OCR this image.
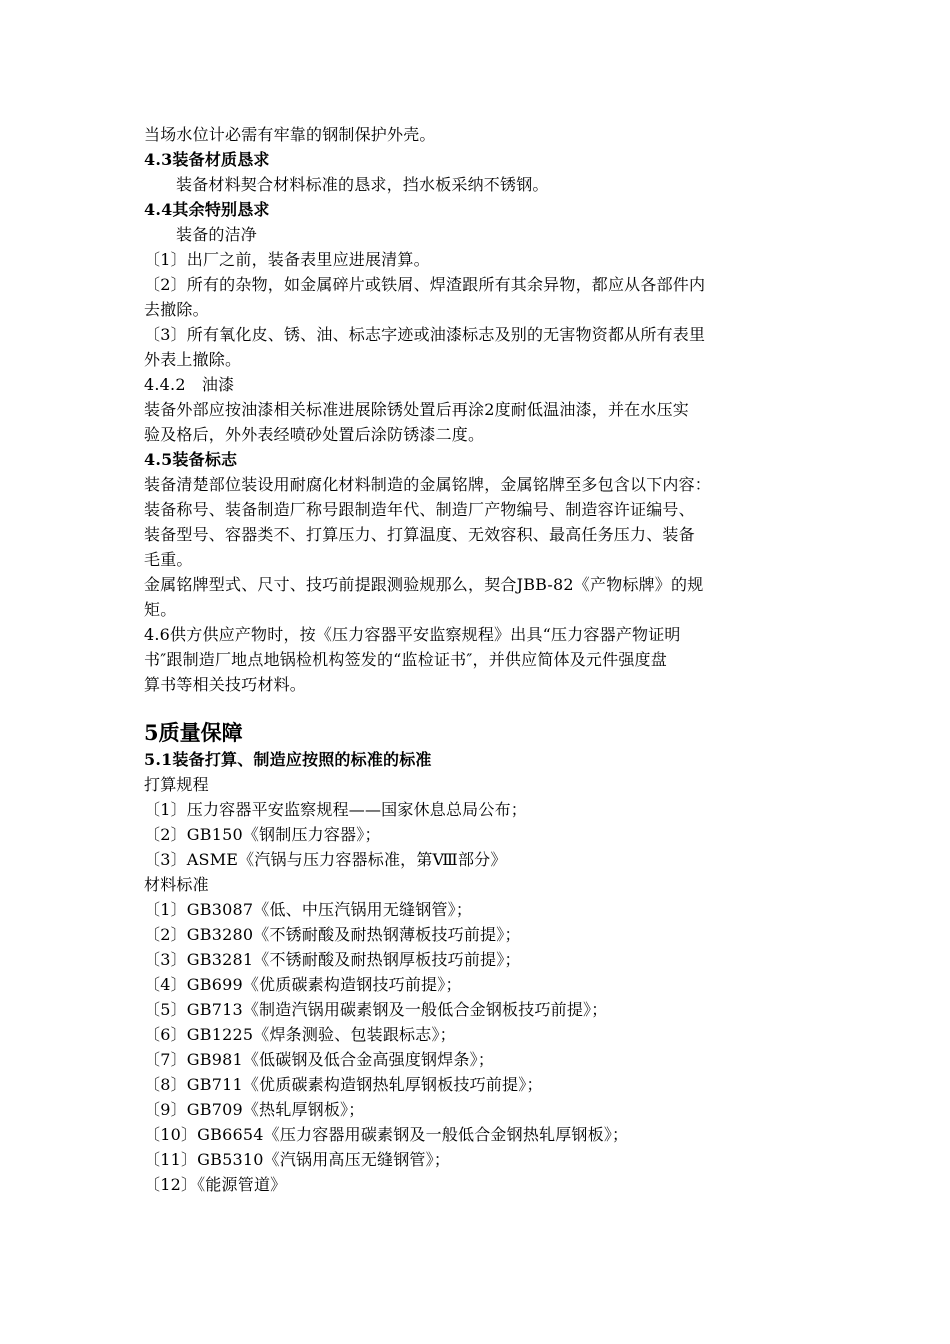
当场水位计必需有牢靠的钢制保护外壳。
4.3装备材质恳求
装备材料契合材料标准的恳求，挡水板采纳不锈钢。
4.4其余特别恳求
装备的洁净
〔1〕出厂之前，装备表里应进展清算。
〔2〕所有的杂物，如金属碎片或铁屑、焊渣跟所有其余异物，都应从各部件内
去撤除。
〔3〕所有氧化皮、锈、油、标志字迹或油漆标志及别的无害物资都从所有表里
外表上撤除。
4.4.2　油漆
装备外部应按油漆相关标准进展除锈处置后再涂2度耐低温油漆，并在水压实
验及格后，外外表经喷砂处置后涂防锈漆二度。
4.5装备标志
装备清楚部位装设用耐腐化材料制造的金属铭牌，金属铭牌至多包含以下内容：
装备称号、装备制造厂称号跟制造年代、制造厂产物编号、制造容许证编号、
装备型号、容器类不、打算压力、打算温度、无效容积、最高任务压力、装备
毛重。
金属铭牌型式、尺寸、技巧前提跟测验规那么，契合JBB-82《产物标牌》的规
矩。
4.6供方供应产物时，按《压力容器平安监察规程》出具“压力容器产物证明
书″跟制造厂地点地锅检机构签发的“监检证书″，并供应简体及元件强度盘
算书等相关技巧材料。
5质量保障
5.1装备打算、制造应按照的标准的标准
打算规程
〔1〕压力容器平安监察规程——国家休息总局公布；
〔2〕GB150《钢制压力容器》；
〔3〕ASME《汽锅与压力容器标准，第Ⅷ部分》
材料标准
〔1〕GB3087《低、中压汽锅用无缝钢管》；
〔2〕GB3280《不锈耐酸及耐热钢薄板技巧前提》；
〔3〕GB3281《不锈耐酸及耐热钢厚板技巧前提》；
〔4〕GB699《优质碳素构造钢技巧前提》；
〔5〕GB713《制造汽锅用碳素钢及一般低合金钢板技巧前提》；
〔6〕GB1225《焊条测验、包装跟标志》；
〔7〕GB981《低碳钢及低合金高强度钢焊条》；
〔8〕GB711《优质碳素构造钢热轧厚钢板技巧前提》；
〔9〕GB709《热轧厚钢板》；
〔10〕GB6654《压力容器用碳素钢及一般低合金钢热轧厚钢板》；
〔11〕GB5310《汽锅用高压无缝钢管》；
〔12〕《能源管道》
